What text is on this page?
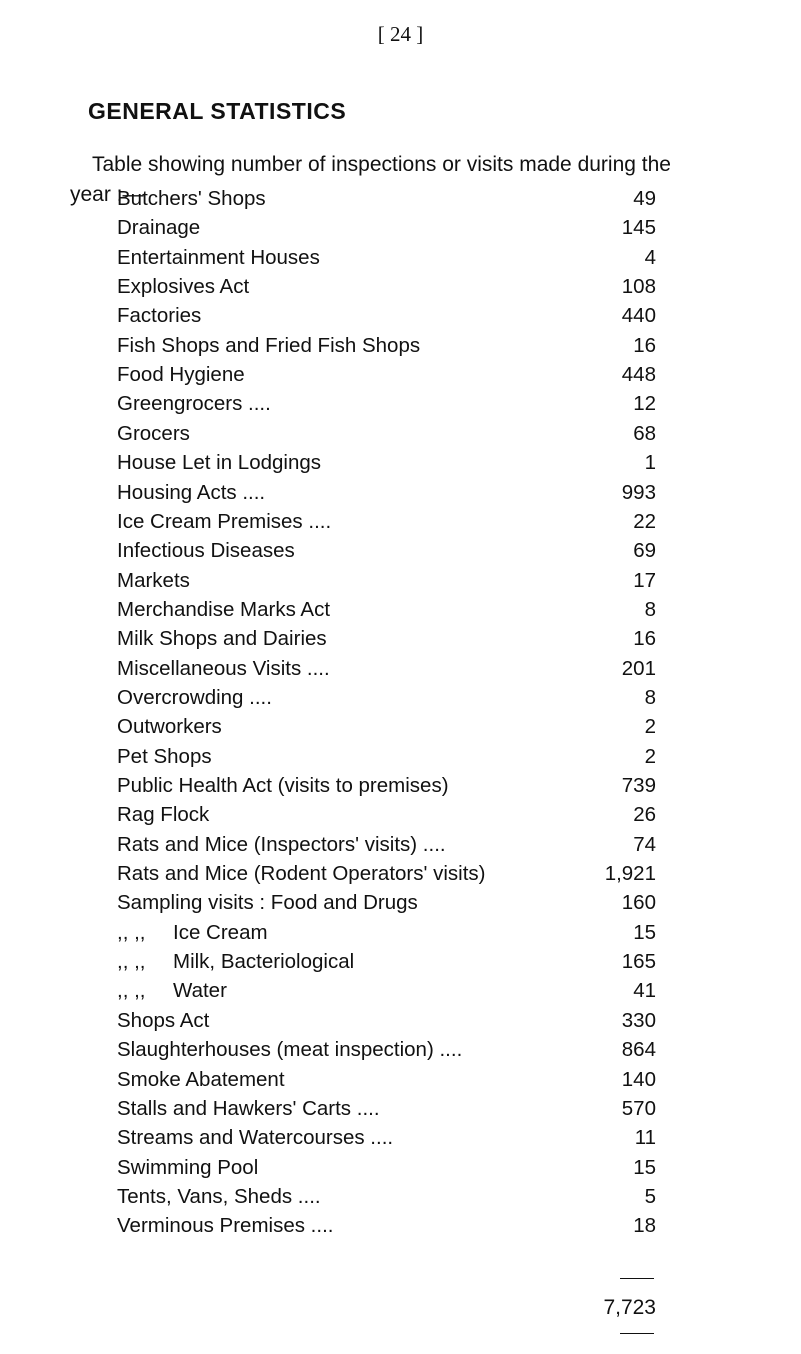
[ 24 ]
GENERAL STATISTICS
Table showing number of inspections or visits made during the
year :—
Butchers' Shops	49
Drainage	145
Entertainment Houses	4
Explosives Act	108
Factories	440
Fish Shops and Fried Fish Shops	16
Food Hygiene	448
Greengrocers ....	12
Grocers	68
House Let in Lodgings	1
Housing Acts ....	993
Ice Cream Premises ....	22
Infectious Diseases	69
Markets	17
Merchandise Marks Act	8
Milk Shops and Dairies	16
Miscellaneous Visits ....	201
Overcrowding ....	8
Outworkers	2
Pet Shops	2
Public Health Act (visits to premises)	739
Rag Flock	26
Rats and Mice (Inspectors' visits) ....	74
Rats and Mice (Rodent Operators' visits)	1,921
Sampling visits : Food and Drugs	160
,, ,, Ice Cream	15
,, ,, Milk, Bacteriological	165
,, ,, Water	41
Shops Act	330
Slaughterhouses (meat inspection) ....	864
Smoke Abatement	140
Stalls and Hawkers' Carts ....	570
Streams and Watercourses ....	11
Swimming Pool	15
Tents, Vans, Sheds ....	5
Verminous Premises ....	18
7,723
